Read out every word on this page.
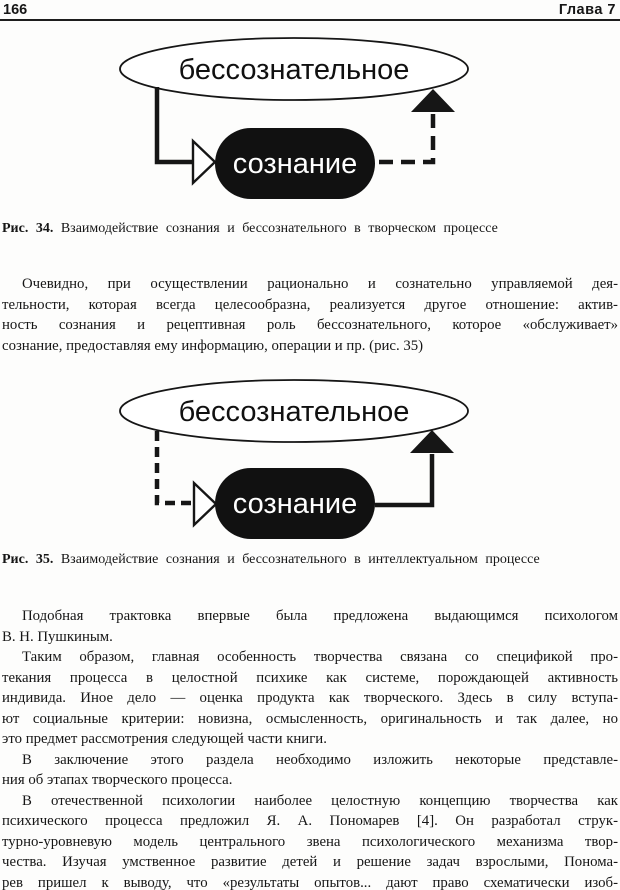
166	Глава 7
бессознательное
сознание
Рис. 34. Взаимодействие сознания и бессознательного в творческом процессе
Очевидно, при осуществлении рационально и сознательно управляемой дея-
тельности, которая всегда целесообразна, реализуется другое отношение: актив-
ность сознания и рецептивная роль бессознательного, которое «обслуживает»
сознание, предоставляя ему информацию, операции и пр. (рис. 35)
бессознательное
сознание
Рис. 35. Взаимодействие сознания и бессознательного в интеллектуальном процессе
Подобная трактовка впервые была предложена выдающимся психологом
В. Н. Пушкиным.
Таким образом, главная особенность творчества связана со спецификой про-
текания процесса в целостной психике как системе, порождающей активность
индивида. Иное дело — оценка продукта как творческого. Здесь в силу вступа-
ют социальные критерии: новизна, осмысленность, оригинальность и так далее, но
это предмет рассмотрения следующей части книги.
В заключение этого раздела необходимо изложить некоторые представле-
ния об этапах творческого процесса.
В отечественной психологии наиболее целостную концепцию творчества как
психического процесса предложил Я. А. Пономарев [4]. Он разработал струк-
турно-уровневую модель центрального звена психологического механизма твор-
чества. Изучая умственное развитие детей и решение задач взрослыми, Понома-
рев пришел к выводу, что «результаты опытов... дают право схематически изоб-
